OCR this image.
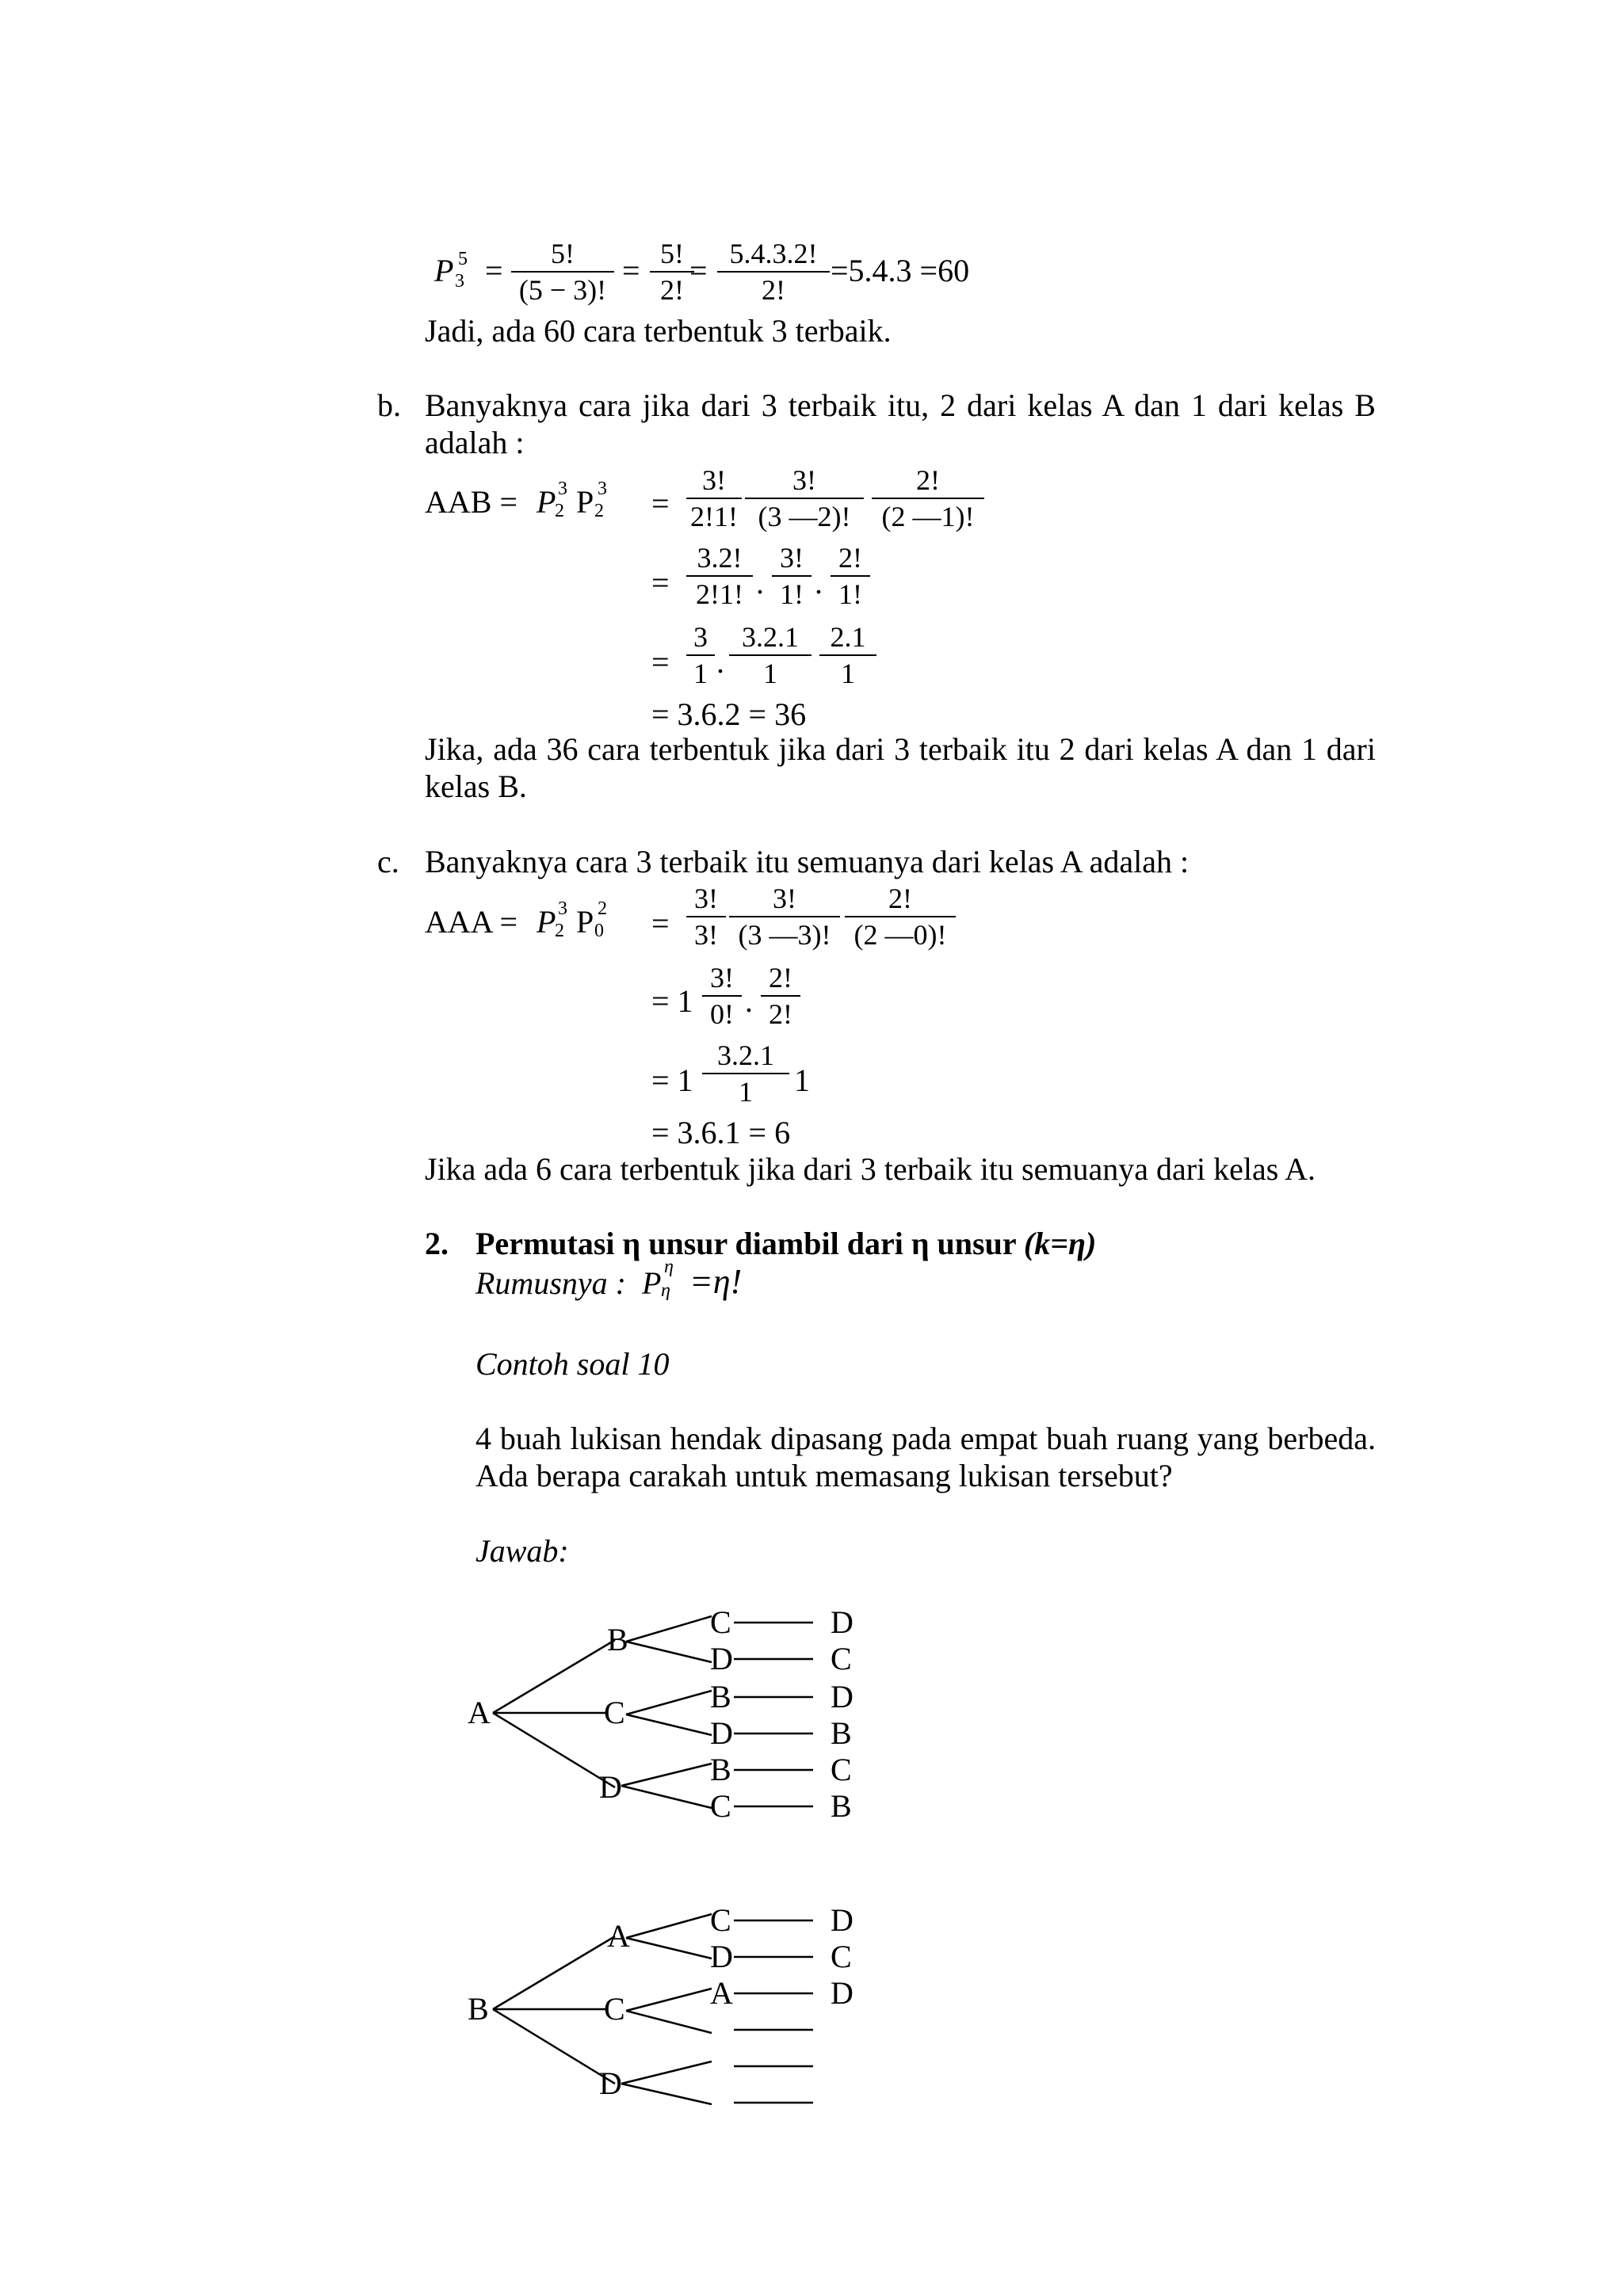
P 5
3 =	5!
(5 − 3)!
= 5!
2!
= 5.4.3.2!
2!
=5.4.3 =60
Jadi, ada 60 cara terbentuk 3 terbaik.
b. Banyaknya cara jika dari 3 terbaik itu, 2 dari kelas A dan 1 dari kelas B adalah :
AAB = P 3
2 P 3
2 =
3!
2!1!
3!
(3 —2)!
2!
(2 —1)!
=
3.2!
2!1! .
3!
1! .
2!
1!
=
3
1 .
3.2.1
1
2.1
1
= 3.6.2 = 36
Jika, ada 36 cara terbentuk jika dari 3 terbaik itu 2 dari kelas A dan 1 dari kelas B.
c. Banyaknya cara 3 terbaik itu semuanya dari kelas A adalah :
AAA = P 3
2 P 2
0 =
3!
3!
3!
(3 —3)!
2!
(2 —0)!
= 1
3!
0! .
2!
2!
= 1
3.2.1
1	1
= 3.6.1 = 6
Jika ada 6 cara terbentuk jika dari 3 terbaik itu semuanya dari kelas A.
2. Permutasi η unsur diambil dari η unsur (k=η)
Rumusnya : P η
η =η!
Contoh soal 10
4 buah lukisan hendak dipasang pada empat buah ruang yang berbeda. Ada berapa carakah untuk memasang lukisan tersebut?
Jawab:
A
B
C
D
C
D
B
D
B
C
D
C
D
B
C
B
B
A
C
D
C
D
A
D
C
D
